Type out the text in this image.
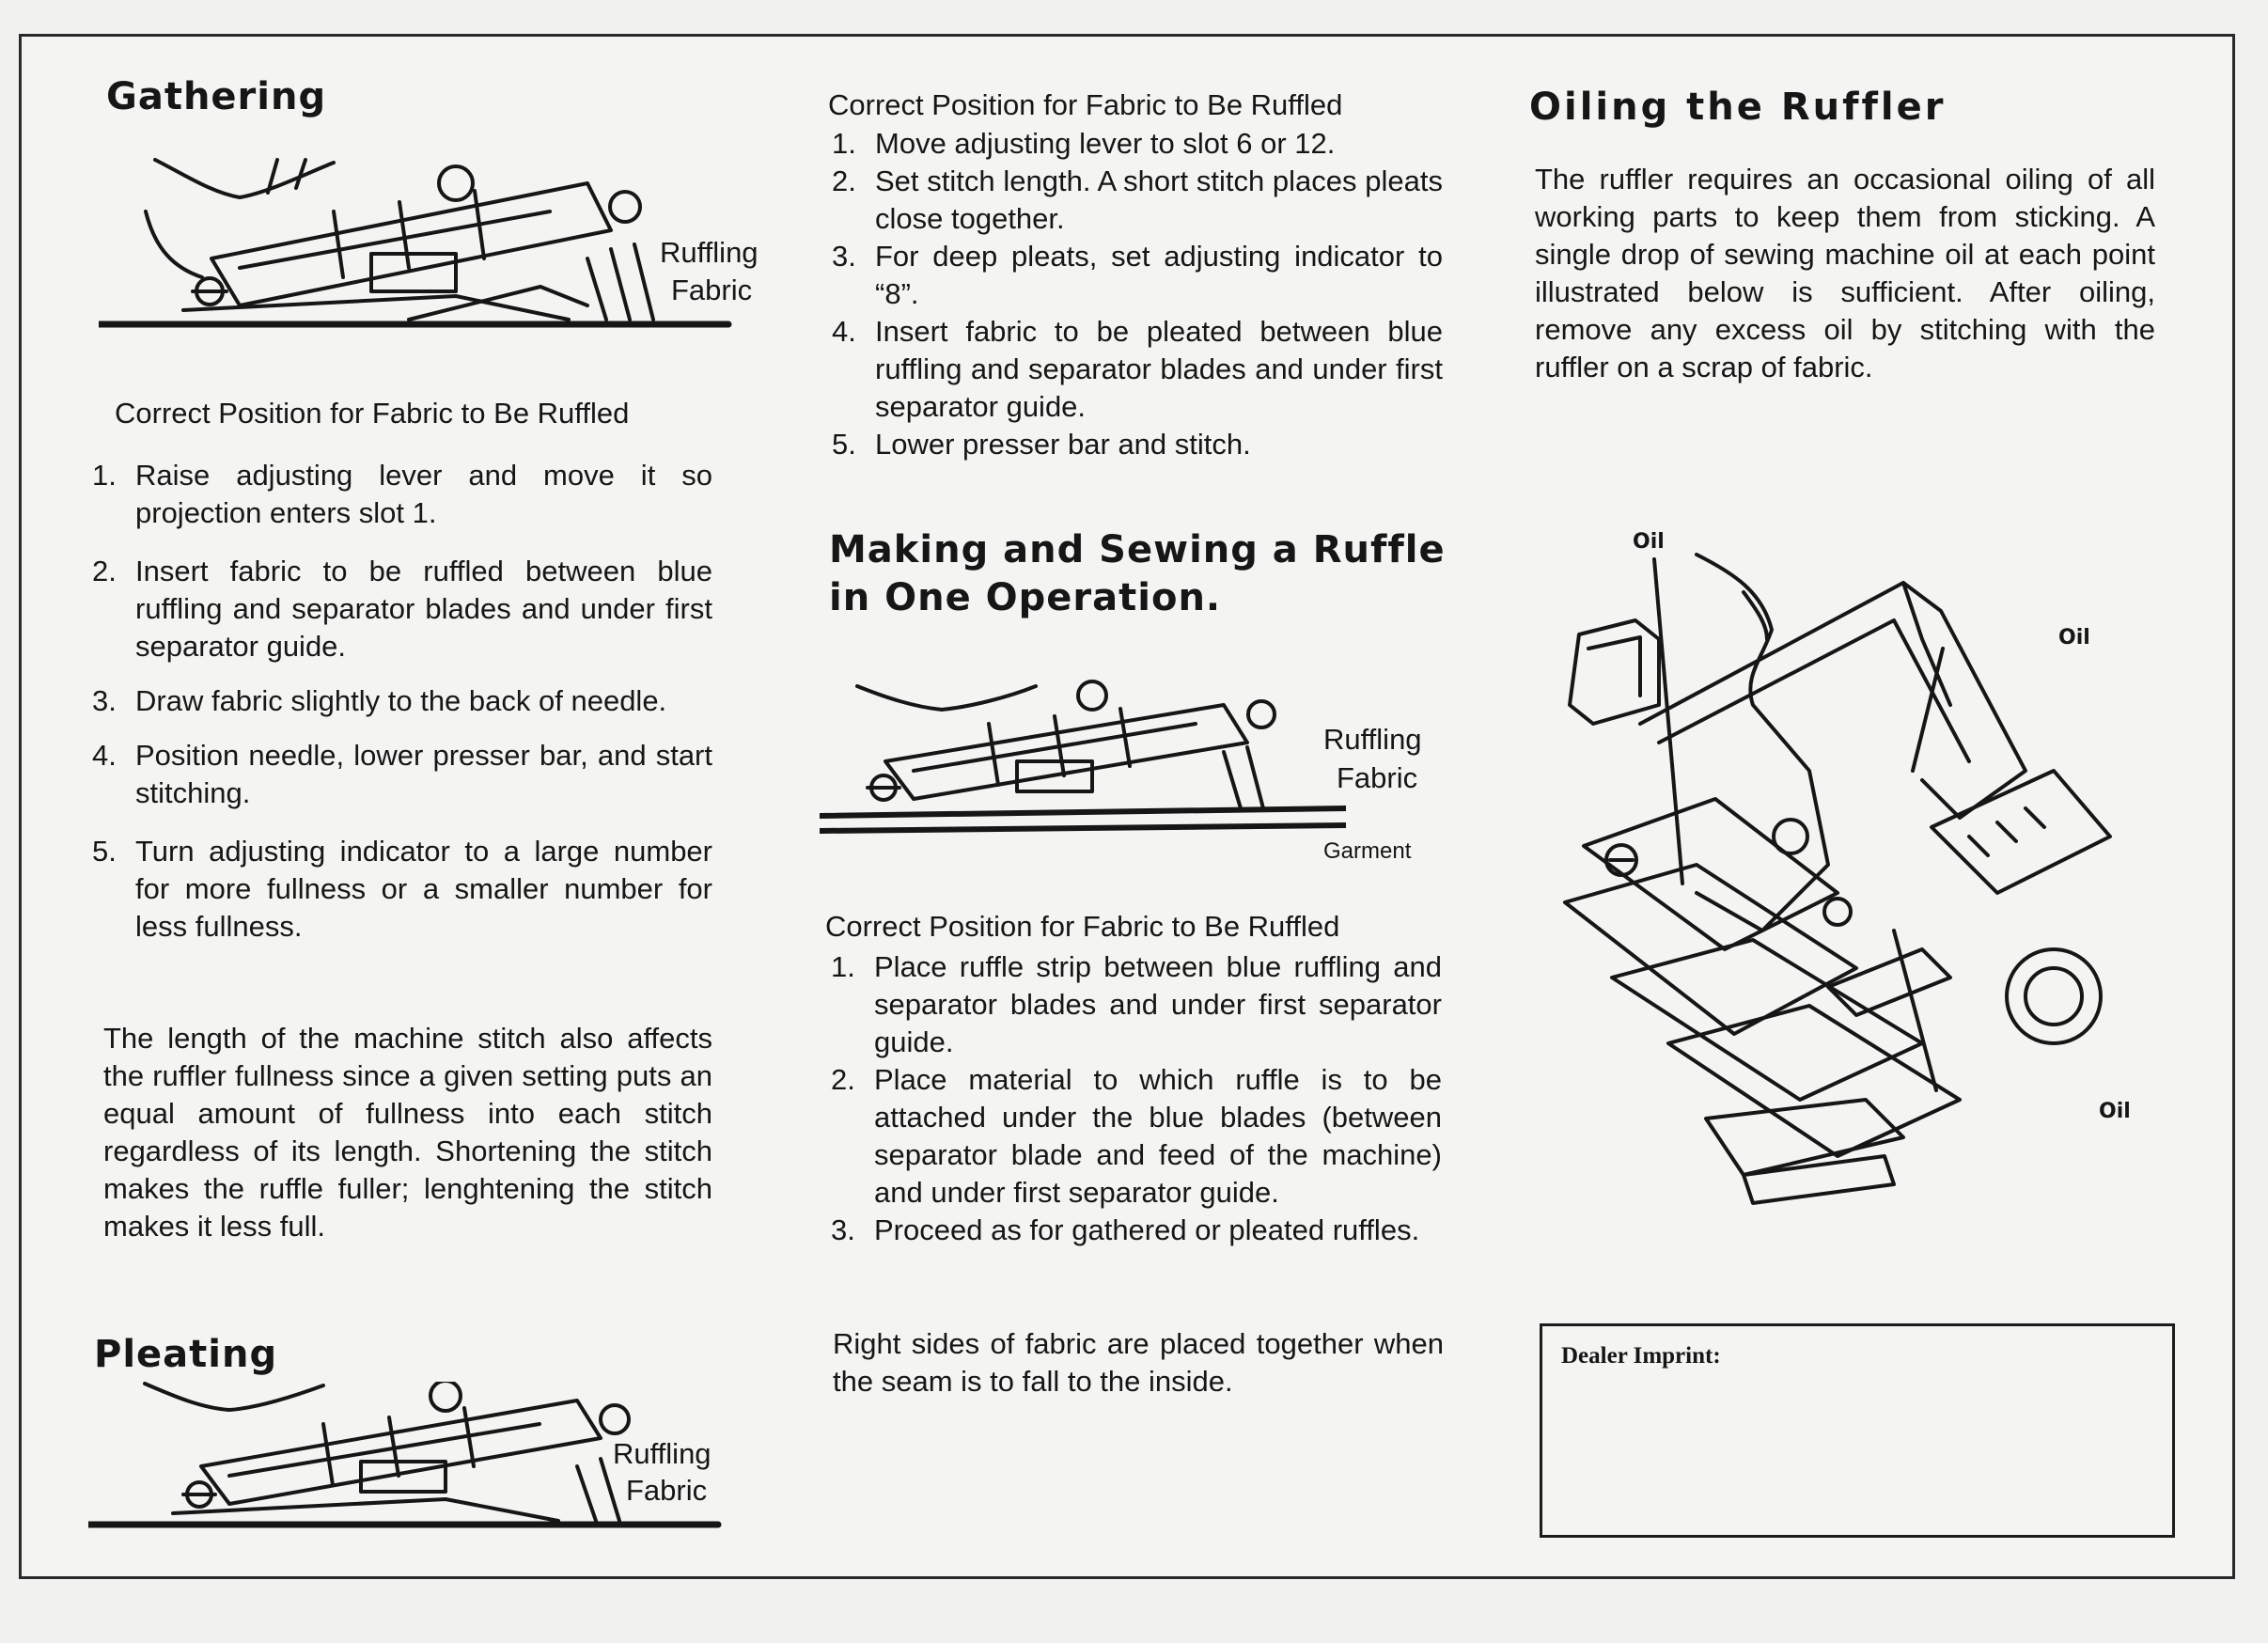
Gathering
Ruffling
Fabric

Correct Position for Fabric to Be Ruffled

1. Raise adjusting lever and move it so projection enters slot 1.
2. Insert fabric to be ruffled between blue ruffling and separator blades and under first separator guide.
3. Draw fabric slightly to the back of needle.
4. Position needle, lower presser bar, and start stitching.
5. Turn adjusting indicator to a large number for more fullness or a smaller number for less fullness.

The length of the machine stitch also affects the ruffler fullness since a given setting puts an equal amount of fullness into each stitch regardless of its length. Shortening the stitch makes the ruffle fuller; lenghtening the stitch makes it less full.

Pleating
Ruffling
Fabric

Correct Position for Fabric to Be Ruffled

1. Move adjusting lever to slot 6 or 12.
2. Set stitch length. A short stitch places pleats close together.
3. For deep pleats, set adjusting indicator to “8”.
4. Insert fabric to be pleated between blue ruffling and separator blades and under first separator guide.
5. Lower presser bar and stitch.
Making and Sewing a Ruffle
in One Operation.
Ruffling
Fabric
Garment

Correct Position for Fabric to Be Ruffled

1. Place ruffle strip between blue ruffling and separator blades and under first separator guide.
2. Place material to which ruffle is to be attached under the blue blades (between separator blade and feed of the machine) and under first separator guide.
3. Proceed as for gathered or pleated ruffles.

Right sides of fabric are placed together when the seam is to fall to the inside.

Oiling the Ruffler

The ruffler requires an occasional oiling of all working parts to keep them from sticking. A single drop of sewing machine oil at each point illustrated below is sufficient. After oiling, remove any excess oil by stitching with the ruffler on a scrap of fabric.

Oil
Oil
Oil
Dealer Imprint:
